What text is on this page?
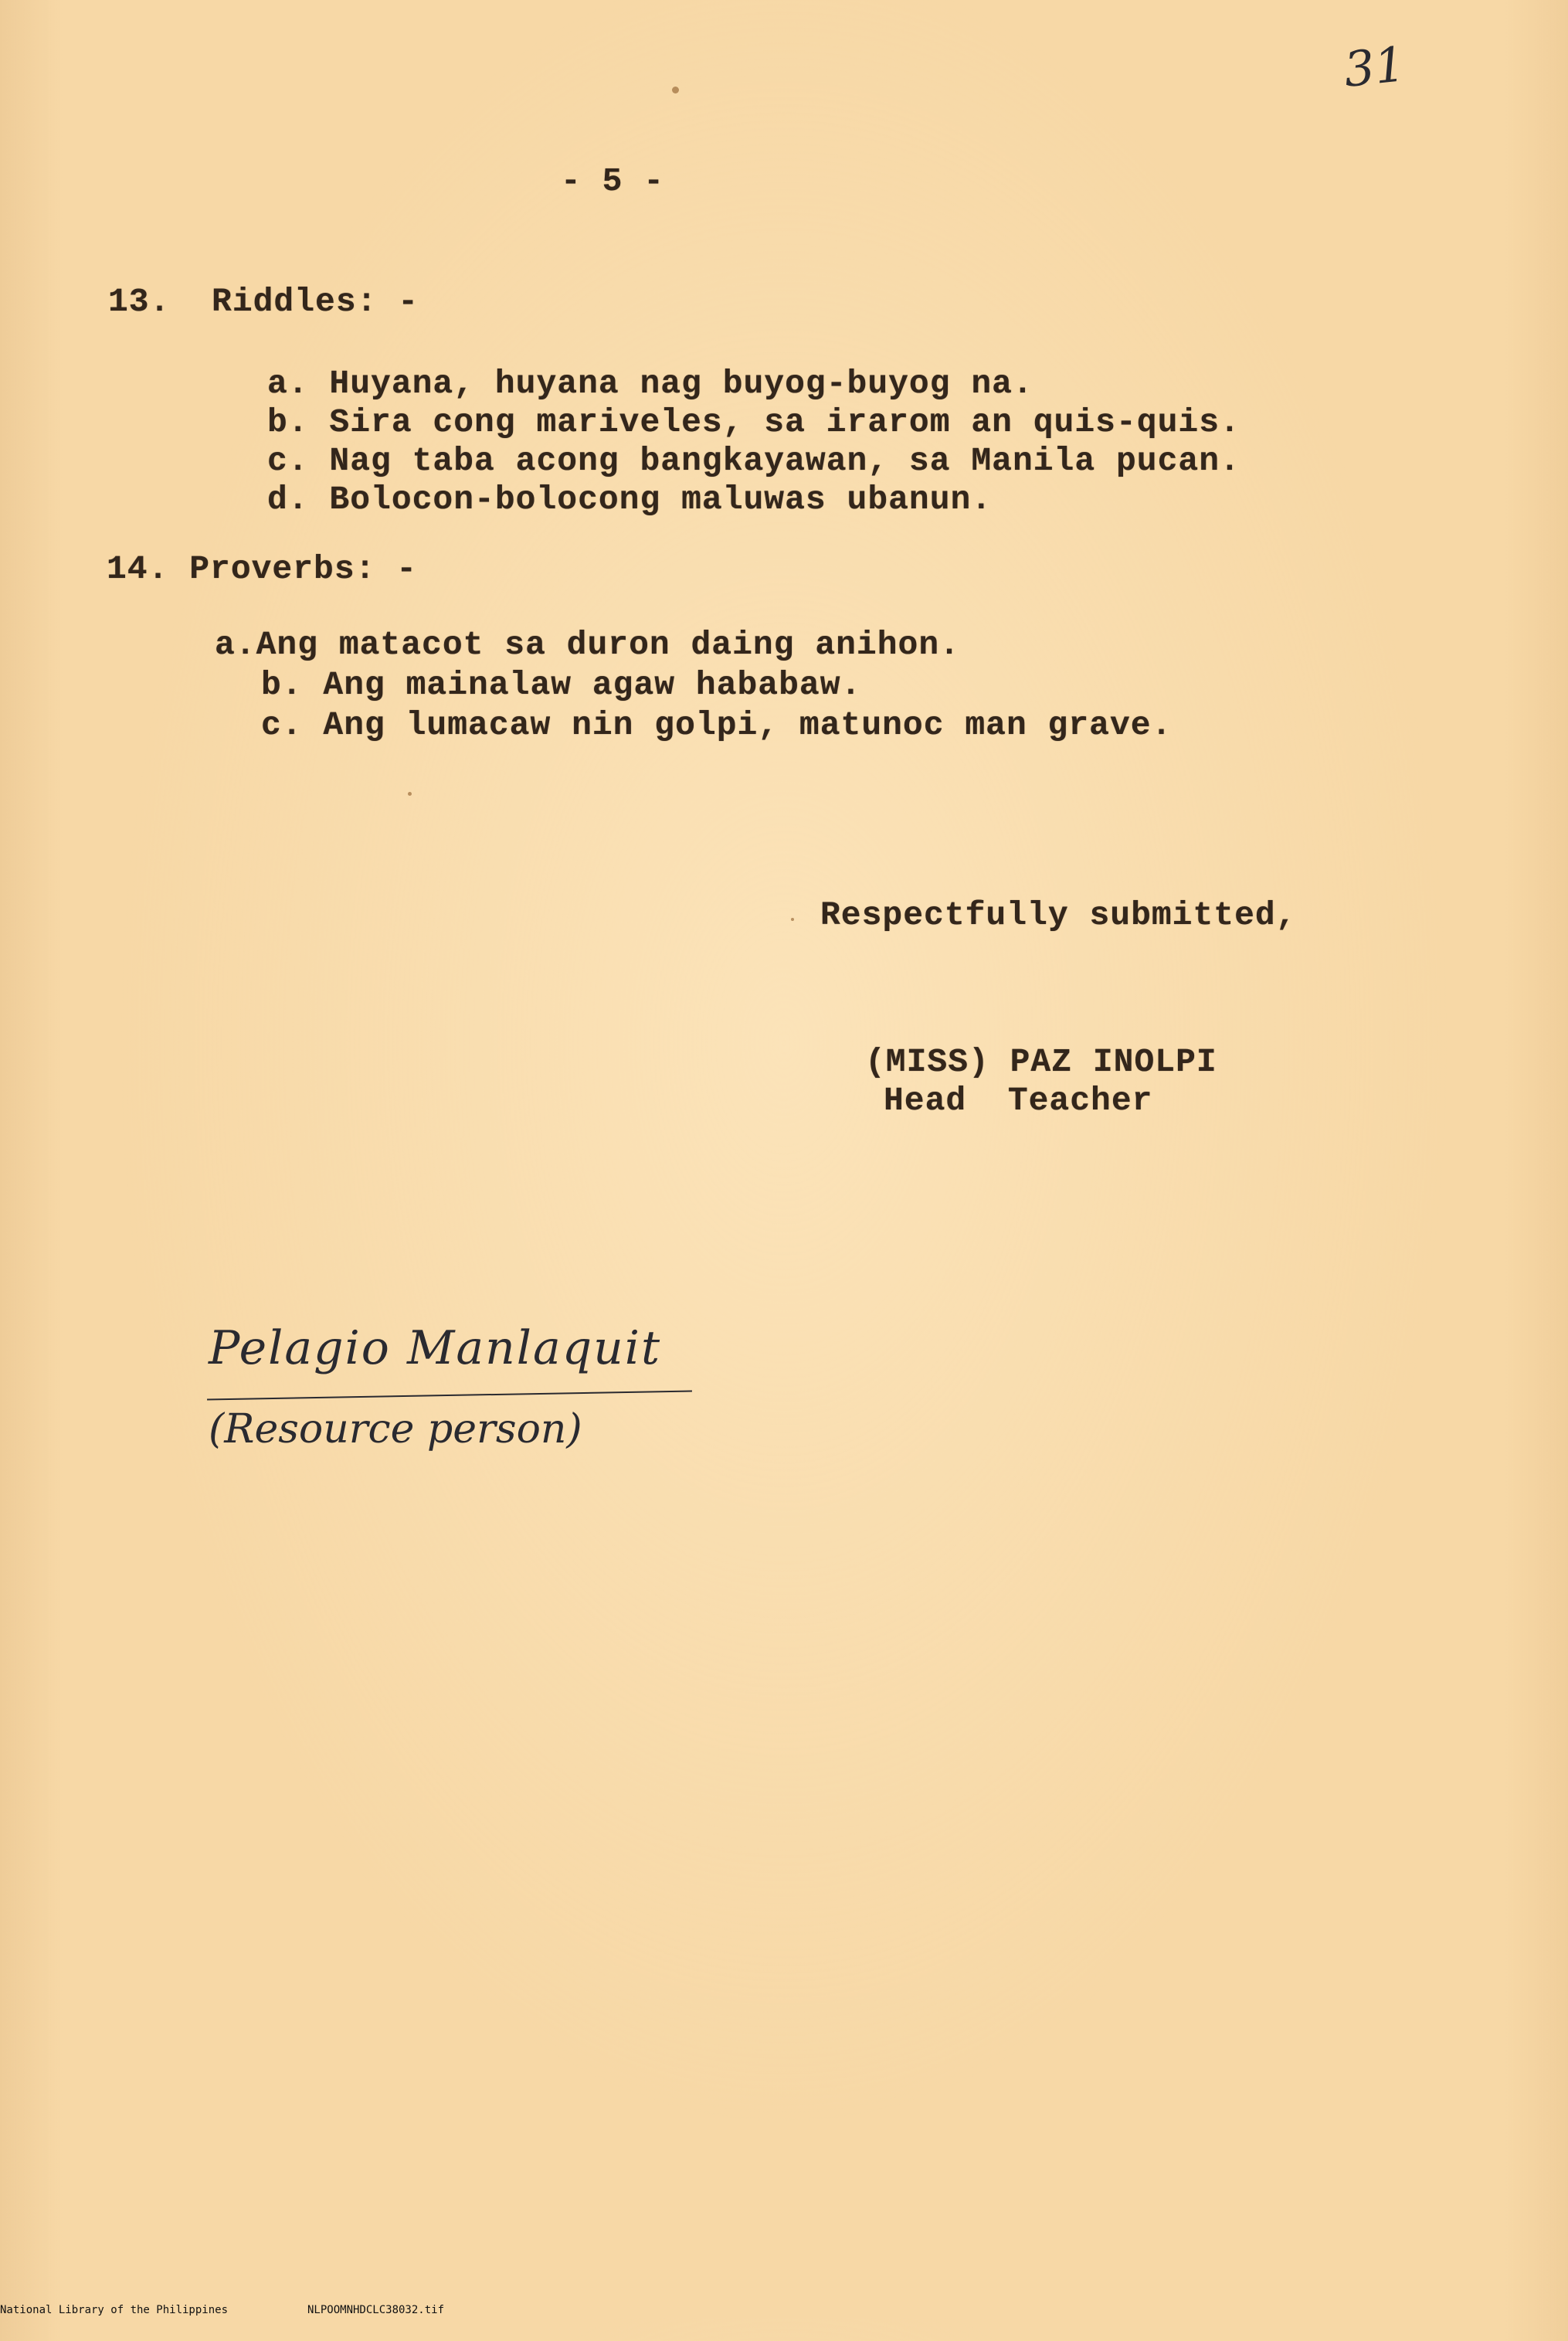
31
- 5 -
13.  Riddles: -
a. Huyana, huyana nag buyog-buyog na.
b. Sira cong mariveles, sa irarom an quis-quis.
c. Nag taba acong bangkayawan, sa Manila pucan.
d. Bolocon-bolocong maluwas ubanun.
14. Proverbs: -
a.Ang matacot sa duron daing anihon.
b. Ang mainalaw agaw hababaw.
c. Ang lumacaw nin golpi, matunoc man grave.
Respectfully submitted,
(MISS) PAZ INOLPI
Head  Teacher
Pelagio Manlaquit
(Resource person)

National Library of the Philippines

	NLPOOMNHDCLC38032.tif
